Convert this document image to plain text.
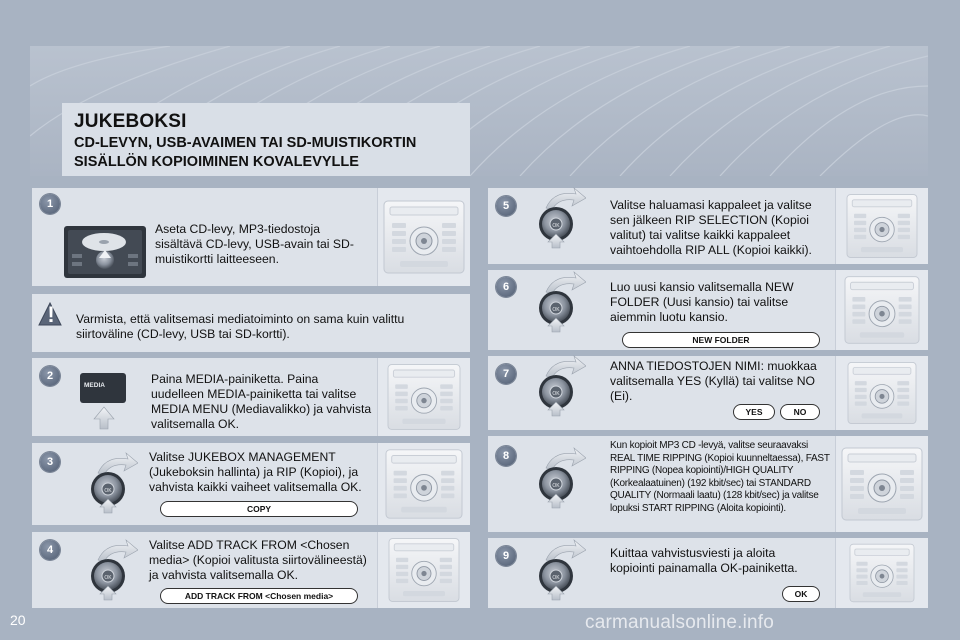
JUKEBOKSI
CD-LEVYN, USB-AVAIMEN TAI SD-MUISTIKORTIN SISÄLLÖN KOPIOIMINEN KOVALEVYLLE
1
Aseta CD-levy, MP3-tiedostoja sisältävä CD-levy, USB-avain tai SD-muistikortti laitteeseen.
!	Varmista, että valitsemasi mediatoiminto on sama kuin valittu siirtoväline (CD-levy, USB tai SD-kortti).
2
MEDIA	Paina MEDIA-painiketta. Paina uudelleen MEDIA-painiketta tai valitse MEDIA MENU (Mediavalikko) ja vahvista valitsemalla OK.
3	Valitse JUKEBOX MANAGEMENT (Jukeboksin hallinta) ja RIP (Kopioi), ja vahvista kaikki vaiheet valitsemalla OK.
COPY
4	Valitse ADD TRACK FROM <Chosen media> (Kopioi valitusta siirtovälineestä) ja vahvista valitsemalla OK.
ADD TRACK FROM <Chosen media>
5	Valitse haluamasi kappaleet ja valitse sen jälkeen RIP SELECTION (Kopioi valitut) tai valitse kaikki kappaleet vaihtoehdolla RIP ALL (Kopioi kaikki).
6	Luo uusi kansio valitsemalla NEW FOLDER (Uusi kansio) tai valitse aiemmin luotu kansio.
NEW FOLDER
7
ANNA TIEDOSTOJEN NIMI: muokkaa valitsemalla YES (Kyllä) tai valitse NO (Ei).
YES	NO
8
Kun kopioit MP3 CD -levyä, valitse seuraavaksi REAL TIME RIPPING (Kopioi kuunneltaessa), FAST RIPPING (Nopea kopiointi)/HIGH QUALITY (Korkealaatuinen) (192 kbit/sec) tai STANDARD QUALITY (Normaali laatu) (128 kbit/sec) ja valitse lopuksi START RIPPING (Aloita kopiointi).
9	Kuittaa vahvistusviesti ja aloita kopiointi painamalla OK-painiketta.
OK
20	carmanualsonline.info
